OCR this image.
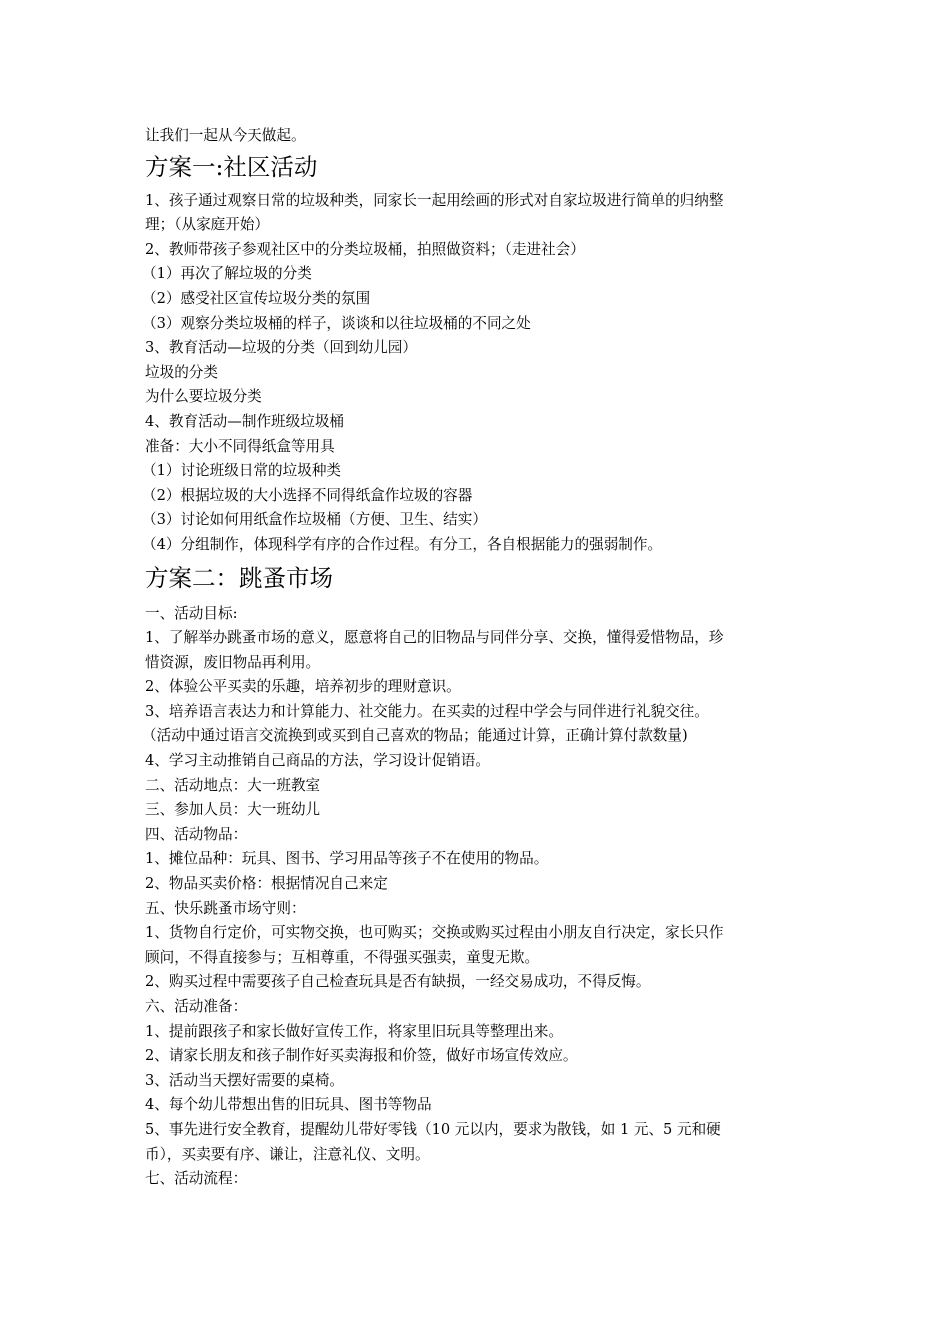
让我们一起从今天做起。
方案一:社区活动
1、孩子通过观察日常的垃圾种类，同家长一起用绘画的形式对自家垃圾进行简单的归纳整
理；（从家庭开始）
2、教师带孩子参观社区中的分类垃圾桶，拍照做资料；（走进社会）
（1）再次了解垃圾的分类
（2）感受社区宣传垃圾分类的氛围
（3）观察分类垃圾桶的样子，谈谈和以往垃圾桶的不同之处
3、教育活动—垃圾的分类（回到幼儿园）
垃圾的分类
为什么要垃圾分类
4、教育活动—制作班级垃圾桶
准备：大小不同得纸盒等用具
（1）讨论班级日常的垃圾种类
（2）根据垃圾的大小选择不同得纸盒作垃圾的容器
（3）讨论如何用纸盒作垃圾桶（方便、卫生、结实）
（4）分组制作，体现科学有序的合作过程。有分工，各自根据能力的强弱制作。
方案二：跳蚤市场
一、活动目标:
1、了解举办跳蚤市场的意义，愿意将自己的旧物品与同伴分享、交换，懂得爱惜物品，珍
惜资源，废旧物品再利用。
2、体验公平买卖的乐趣，培养初步的理财意识。
3、培养语言表达力和计算能力、社交能力。在买卖的过程中学会与同伴进行礼貌交往。
（活动中通过语言交流换到或买到自己喜欢的物品；能通过计算，正确计算付款数量)
4、学习主动推销自己商品的方法，学习设计促销语。
二、活动地点：大一班教室
三、参加人员：大一班幼儿
四、活动物品：
1、摊位品种：玩具、图书、学习用品等孩子不在使用的物品。
2、物品买卖价格：根据情况自己来定
五、快乐跳蚤市场守则：
1、货物自行定价，可实物交换，也可购买；交换或购买过程由小朋友自行决定，家长只作
顾问，不得直接参与；互相尊重，不得强买强卖，童叟无欺。
2、购买过程中需要孩子自己检查玩具是否有缺损，一经交易成功，不得反悔。
六、活动准备：
1、提前跟孩子和家长做好宣传工作，将家里旧玩具等整理出来。
2、请家长朋友和孩子制作好买卖海报和价签，做好市场宣传效应。
3、活动当天摆好需要的桌椅。
4、每个幼儿带想出售的旧玩具、图书等物品
5、事先进行安全教育，提醒幼儿带好零钱（10 元以内，要求为散钱，如 1 元、5 元和硬
币），买卖要有序、谦让，注意礼仪、文明。
七、活动流程：
